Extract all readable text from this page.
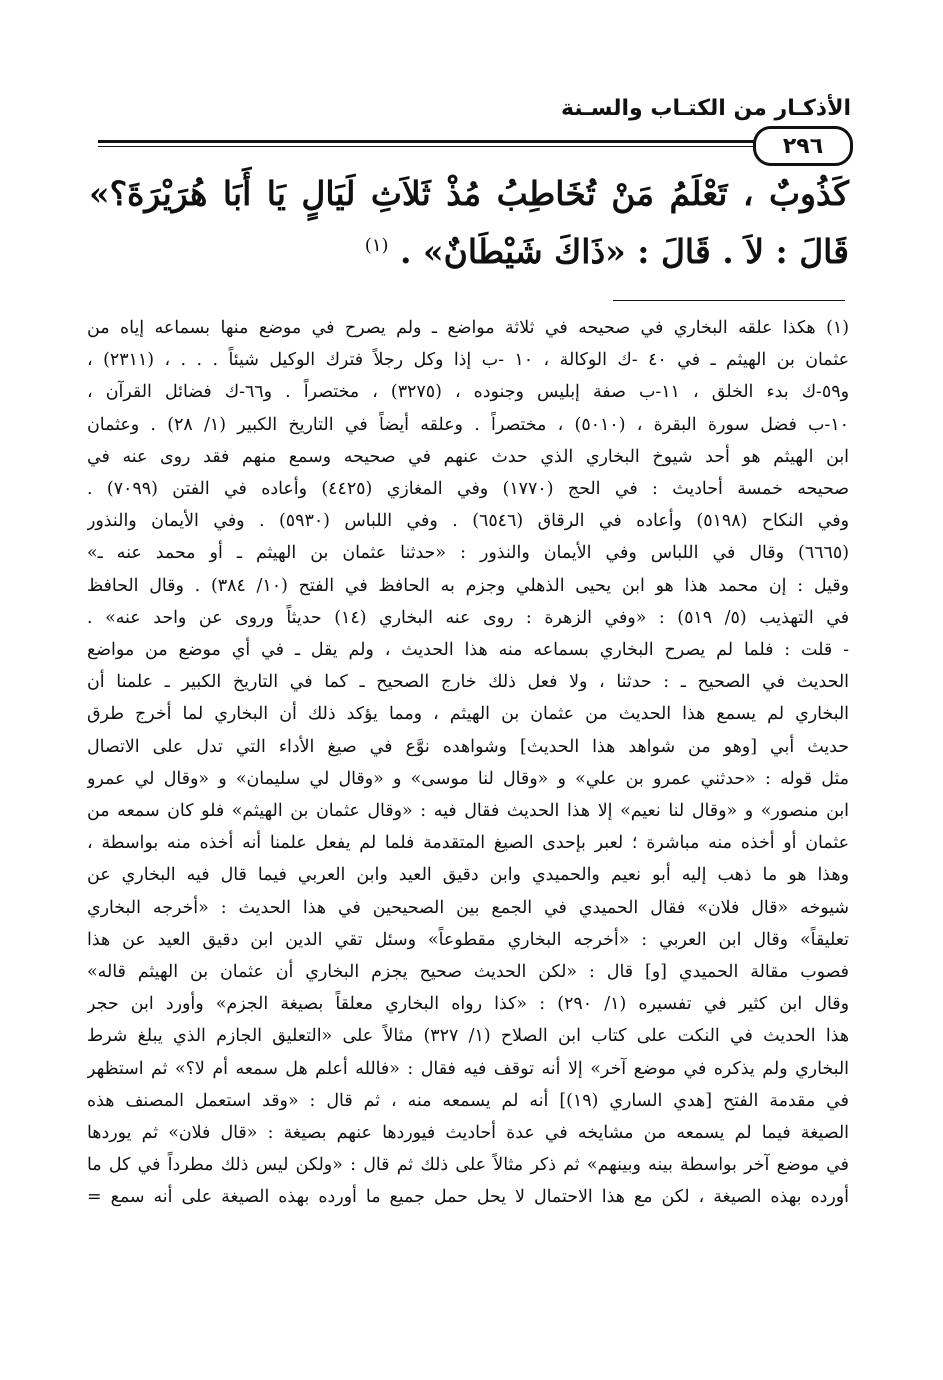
الأذكـار من الكتـاب والسـنة
٢٩٦
كَذُوبٌ ، تَعْلَمُ مَنْ تُخَاطِبُ مُذْ ثَلاَثِ لَيَالٍ يَا أَبَا هُرَيْرَةَ؟» قَالَ : لاَ . قَالَ : «ذَاكَ شَيْطَانٌ» . $^{(١)}$
(١) هكذا علقه البخاري في صحيحه في ثلاثة مواضع ـ ولم يصرح في موضع منها بسماعه إياه من
عثمان بن الهيثم ـ في ٤٠ -ك الوكالة ، ١٠ -ب إذا وكل رجلاً فترك الوكيل شيئاً . . . ، (٢٣١١) ،
و٥٩-ك بدء الخلق ، ١١-ب صفة إبليس وجنوده ، (٣٢٧٥) ، مختصراً . و٦٦-ك فضائل القرآن ،
١٠-ب فضل سورة البقرة ، (٥٠١٠) ، مختصراً . وعلقه أيضاً في التاريخ الكبير (١/ ٢٨) . وعثمان
ابن الهيثم هو أحد شيوخ البخاري الذي حدث عنهم في صحيحه وسمع منهم فقد روى عنه في
صحيحه خمسة أحاديث : في الحج (١٧٧٠) وفي المغازي (٤٤٢٥) وأعاده في الفتن (٧٠٩٩) .
وفي النكاح (٥١٩٨) وأعاده في الرقاق (٦٥٤٦) . وفي اللباس (٥٩٣٠) . وفي الأيمان والنذور
(٦٦٦٥) وقال في اللباس وفي الأيمان والنذور : «حدثنا عثمان بن الهيثم ـ أو محمد عنه ـ»
وقيل : إن محمد هذا هو ابن يحيى الذهلي وجزم به الحافظ في الفتح (١٠/ ٣٨٤) . وقال الحافظ
في التهذيب (٥/ ٥١٩) : «وفي الزهرة : روى عنه البخاري (١٤) حديثاً وروى عن واحد عنه» .
- قلت : فلما لم يصرح البخاري بسماعه منه هذا الحديث ، ولم يقل ـ في أي موضع من مواضع
الحديث في الصحيح ـ : حدثنا ، ولا فعل ذلك خارج الصحيح ـ كما في التاريخ الكبير ـ علمنا أن
البخاري لم يسمع هذا الحديث من عثمان بن الهيثم ، ومما يؤكد ذلك أن البخاري لما أخرج طرق
حديث أبي [وهو من شواهد هذا الحديث] وشواهده نوَّع في صيغ الأداء التي تدل على الاتصال
مثل قوله : «حدثني عمرو بن علي» و «وقال لنا موسى» و «وقال لي سليمان» و «وقال لي عمرو
ابن منصور» و «وقال لنا نعيم» إلا هذا الحديث فقال فيه : «وقال عثمان بن الهيثم» فلو كان سمعه من
عثمان أو أخذه منه مباشرة ؛ لعبر بإحدى الصيغ المتقدمة فلما لم يفعل علمنا أنه أخذه منه بواسطة ،
وهذا هو ما ذهب إليه أبو نعيم والحميدي وابن دقيق العيد وابن العربي فيما قال فيه البخاري عن
شيوخه «قال فلان» فقال الحميدي في الجمع بين الصحيحين في هذا الحديث : «أخرجه البخاري
تعليقاً» وقال ابن العربي : «أخرجه البخاري مقطوعاً» وسئل تقي الدين ابن دقيق العيد عن هذا
فصوب مقالة الحميدي [و] قال : «لكن الحديث صحيح يجزم البخاري أن عثمان بن الهيثم قاله»
وقال ابن كثير في تفسيره (١/ ٢٩٠) : «كذا رواه البخاري معلقاً بصيغة الجزم» وأورد ابن حجر
هذا الحديث في النكت على كتاب ابن الصلاح (١/ ٣٢٧) مثالاً على «التعليق الجازم الذي يبلغ شرط
البخاري ولم يذكره في موضع آخر» إلا أنه توقف فيه فقال : «فالله أعلم هل سمعه أم لا؟» ثم استظهر
في مقدمة الفتح [هدي الساري (١٩)] أنه لم يسمعه منه ، ثم قال : «وقد استعمل المصنف هذه
الصيغة فيما لم يسمعه من مشايخه في عدة أحاديث فيوردها عنهم بصيغة : «قال فلان» ثم يوردها
في موضع آخر بواسطة بينه وبينهم» ثم ذكر مثالاً على ذلك ثم قال : «ولكن ليس ذلك مطرداً في كل ما
أورده بهذه الصيغة ، لكن مع هذا الاحتمال لا يحل حمل جميع ما أورده بهذه الصيغة على أنه سمع =
